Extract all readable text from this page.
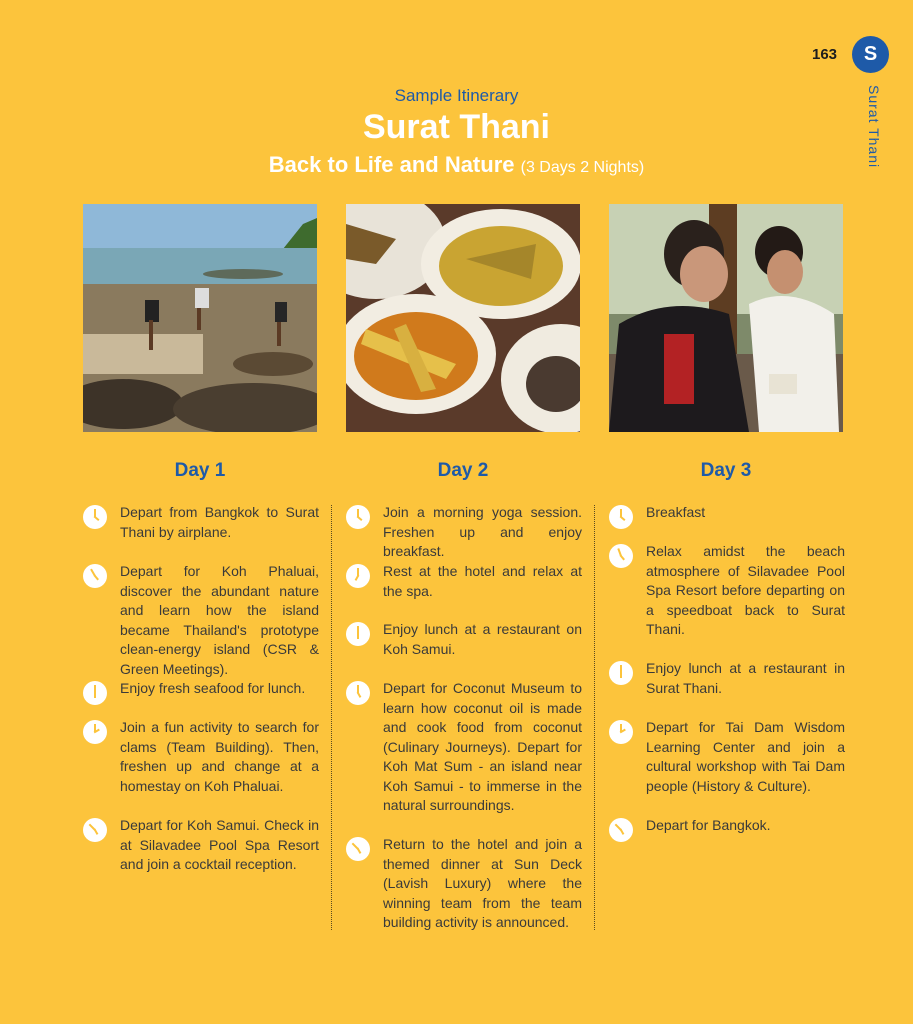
163	S
Surat Thani
Sample Itinerary
Surat Thani
Back to Life and Nature (3 Days 2 Nights)
Day 1	Day 2	Day 3
Depart from Bangkok to Surat Thani by airplane.
Depart for Koh Phaluai, discover the abundant nature and learn how the island became Thailand's prototype clean-energy island (CSR & Green Meetings).
Enjoy fresh seafood for lunch.
Join a fun activity to search for clams (Team Building). Then, freshen up and change at a homestay on Koh Phaluai.
Depart for Koh Samui. Check in at Silavadee Pool Spa Resort and join a cocktail reception.
Join a morning yoga session. Freshen up and enjoy breakfast.
Rest at the hotel and relax at the spa.
Enjoy lunch at a restaurant on Koh Samui.
Depart for Coconut Museum to learn how coconut oil is made and cook food from coconut (Culinary Journeys). Depart for Koh Mat Sum - an island near Koh Samui - to immerse in the natural surroundings.
Return to the hotel and join a themed dinner at Sun Deck (Lavish Luxury) where the winning team from the team building activity is announced.
Breakfast
Relax amidst the beach atmosphere of Silavadee Pool Spa Resort before departing on a speedboat back to Surat Thani.
Enjoy lunch at a restaurant in Surat Thani.
Depart for Tai Dam Wisdom Learning Center and join a cultural workshop with Tai Dam people (History & Culture).
Depart for Bangkok.
